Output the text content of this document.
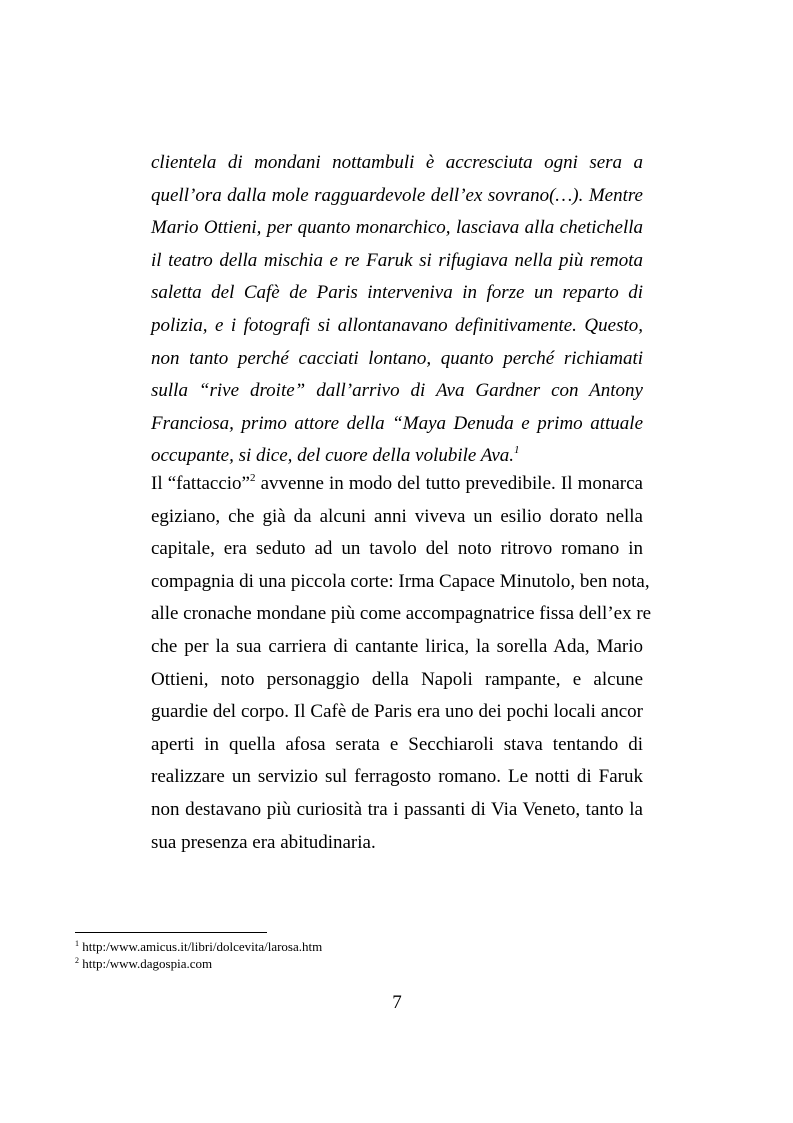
clientela di mondani nottambuli è accresciuta ogni sera a
quell’ora dalla mole ragguardevole dell’ex sovrano(…). Mentre
Mario Ottieni, per quanto monarchico, lasciava alla chetichella
il teatro della mischia e re Faruk si rifugiava nella più remota
saletta del Cafè de Paris interveniva in forze un reparto di
polizia, e i fotografi si allontanavano definitivamente. Questo,
non tanto perché cacciati lontano, quanto perché richiamati
sulla “rive droite” dall’arrivo di Ava Gardner con Antony
Franciosa, primo attore della “Maya Denuda e primo attuale
occupante, si dice, del cuore della volubile Ava.$^1$
Il “fattaccio”$^2$ avvenne in modo del tutto prevedibile. Il monarca
egiziano, che già da alcuni anni viveva un esilio dorato nella
capitale, era seduto ad un tavolo del noto ritrovo romano in
compagnia di una piccola corte: Irma Capace Minutolo, ben nota,
alle cronache mondane più come accompagnatrice fissa dell’ex re
che per la sua carriera di cantante lirica, la sorella Ada, Mario
Ottieni, noto personaggio della Napoli rampante, e alcune
guardie del corpo. Il Cafè de Paris era uno dei pochi locali ancor
aperti in quella afosa serata e Secchiaroli stava tentando di
realizzare un servizio sul ferragosto romano. Le notti di Faruk
non destavano più curiosità tra i passanti di Via Veneto, tanto la
sua presenza era abitudinaria.
$^1$ http:/www.amicus.it/libri/dolcevita/larosa.htm
$^2$ http:/www.dagospia.com
7
